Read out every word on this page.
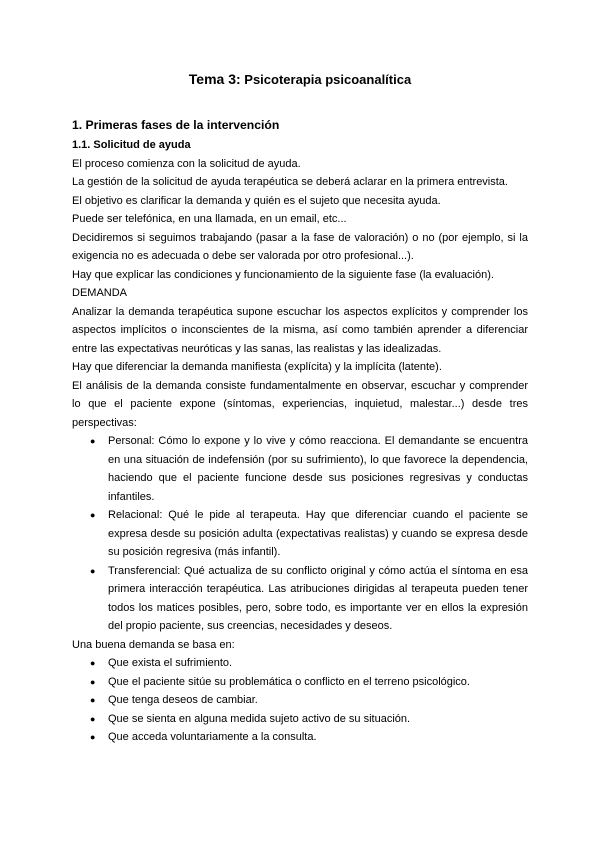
Tema 3: Psicoterapia psicoanalítica
1. Primeras fases de la intervención
1.1. Solicitud de ayuda

El proceso comienza con la solicitud de ayuda.

La gestión de la solicitud de ayuda terapéutica se deberá aclarar en la primera entrevista.

El objetivo es clarificar la demanda y quién es el sujeto que necesita ayuda.

Puede ser telefónica, en una llamada, en un email, etc...

Decidiremos si seguimos trabajando (pasar a la fase de valoración) o no (por ejemplo, si la exigencia no es adecuada o debe ser valorada por otro profesional...).

Hay que explicar las condiciones y funcionamiento de la siguiente fase (la evaluación).

DEMANDA

Analizar la demanda terapéutica supone escuchar los aspectos explícitos y comprender los aspectos implícitos o inconscientes de la misma, así como también aprender a diferenciar entre las expectativas neuróticas y las sanas, las realistas y las idealizadas.

Hay que diferenciar la demanda manifiesta (explícita) y la implícita (latente).

El análisis de la demanda consiste fundamentalmente en observar, escuchar y comprender lo que el paciente expone (síntomas, experiencias, inquietud, malestar...) desde tres perspectivas:

● Personal: Cómo lo expone y lo vive y cómo reacciona. El demandante se encuentra en una situación de indefensión (por su sufrimiento), lo que favorece la dependencia, haciendo que el paciente funcione desde sus posiciones regresivas y conductas infantiles.
● Relacional: Qué le pide al terapeuta. Hay que diferenciar cuando el paciente se expresa desde su posición adulta (expectativas realistas) y cuando se expresa desde su posición regresiva (más infantil).
● Transferencial: Qué actualiza de su conflicto original y cómo actúa el síntoma en esa primera interacción terapéutica. Las atribuciones dirigidas al terapeuta pueden tener todos los matices posibles, pero, sobre todo, es importante ver en ellos la expresión del propio paciente, sus creencias, necesidades y deseos.

Una buena demanda se basa en:

● Que exista el sufrimiento.
● Que el paciente sitúe su problemática o conflicto en el terreno psicológico.
● Que tenga deseos de cambiar.
● Que se sienta en alguna medida sujeto activo de su situación.
● Que acceda voluntariamente a la consulta.
